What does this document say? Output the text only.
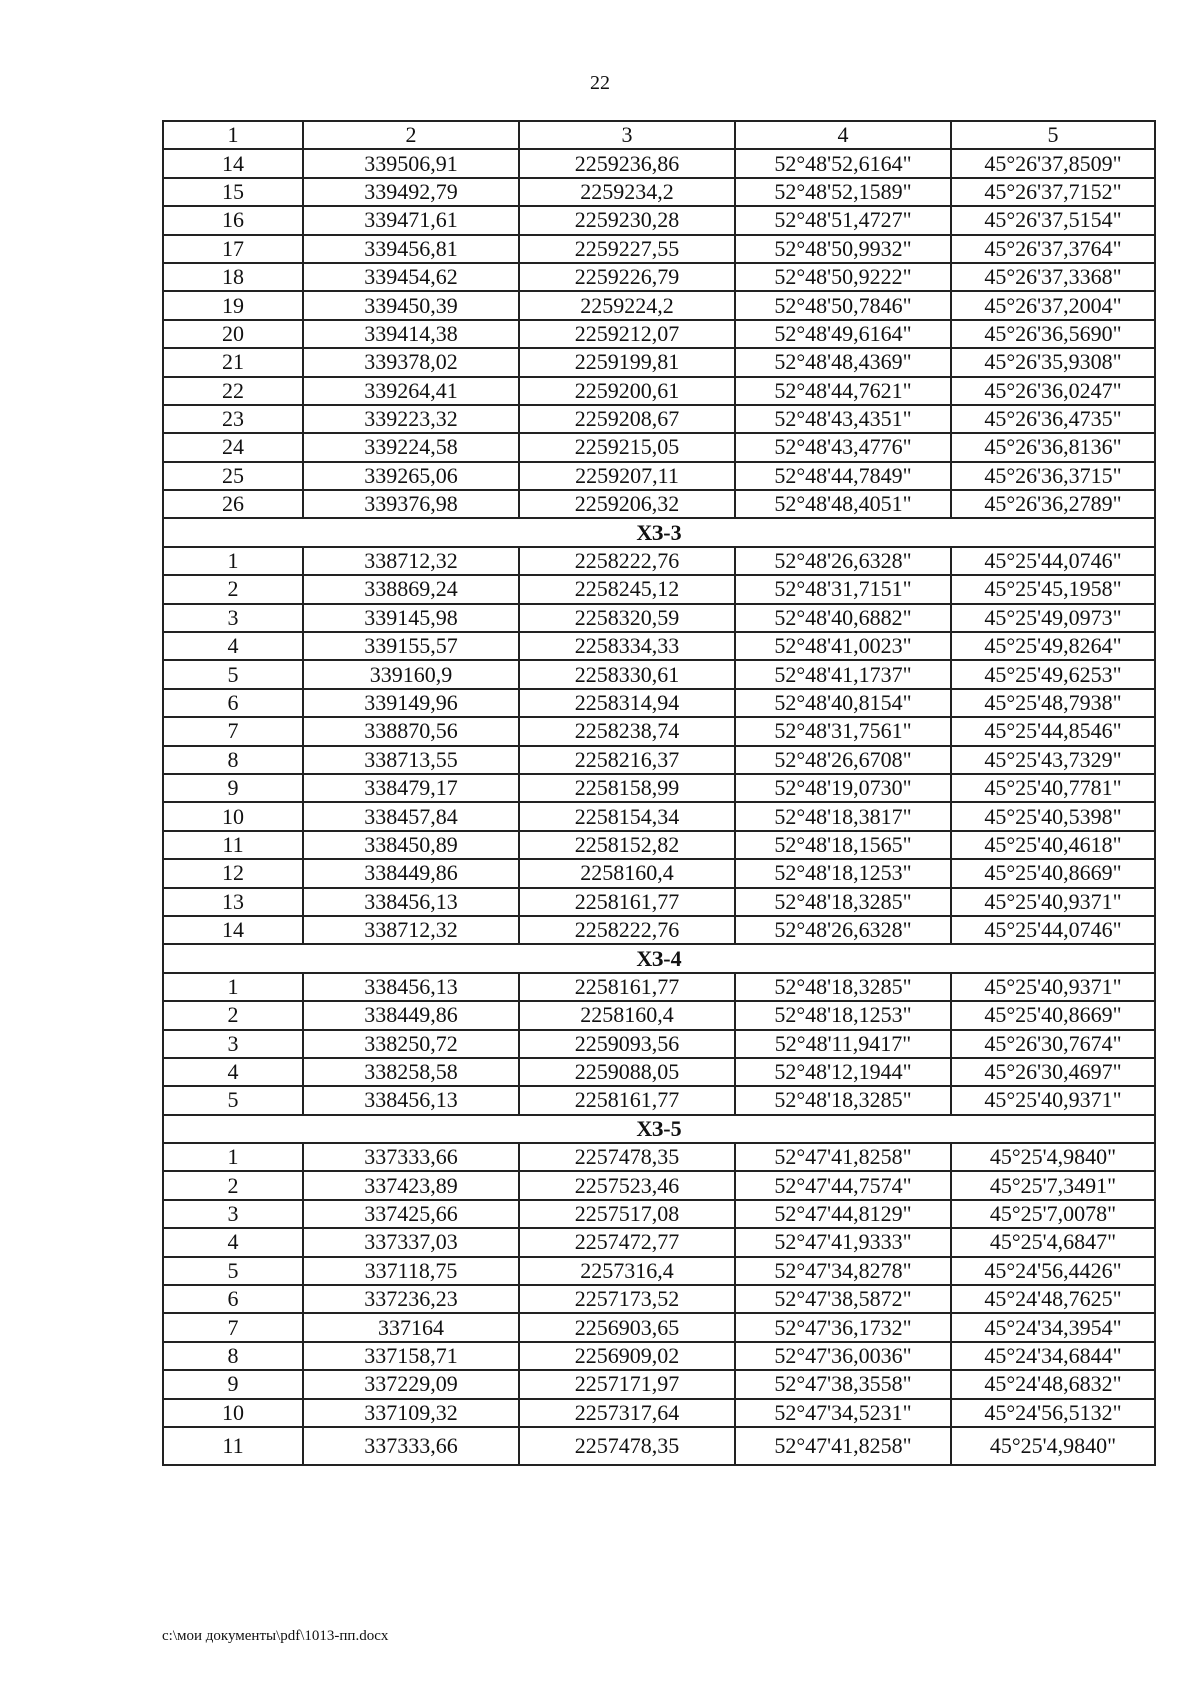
22
1	2	3	4	5
14	339506,91	2259236,86	52°48'52,6164"	45°26'37,8509"
15	339492,79	2259234,2	52°48'52,1589"	45°26'37,7152"
16	339471,61	2259230,28	52°48'51,4727"	45°26'37,5154"
17	339456,81	2259227,55	52°48'50,9932"	45°26'37,3764"
18	339454,62	2259226,79	52°48'50,9222"	45°26'37,3368"
19	339450,39	2259224,2	52°48'50,7846"	45°26'37,2004"
20	339414,38	2259212,07	52°48'49,6164"	45°26'36,5690"
21	339378,02	2259199,81	52°48'48,4369"	45°26'35,9308"
22	339264,41	2259200,61	52°48'44,7621"	45°26'36,0247"
23	339223,32	2259208,67	52°48'43,4351"	45°26'36,4735"
24	339224,58	2259215,05	52°48'43,4776"	45°26'36,8136"
25	339265,06	2259207,11	52°48'44,7849"	45°26'36,3715"
26	339376,98	2259206,32	52°48'48,4051"	45°26'36,2789"
ХЗ-3				
1	338712,32	2258222,76	52°48'26,6328"	45°25'44,0746"
2	338869,24	2258245,12	52°48'31,7151"	45°25'45,1958"
3	339145,98	2258320,59	52°48'40,6882"	45°25'49,0973"
4	339155,57	2258334,33	52°48'41,0023"	45°25'49,8264"
5	339160,9	2258330,61	52°48'41,1737"	45°25'49,6253"
6	339149,96	2258314,94	52°48'40,8154"	45°25'48,7938"
7	338870,56	2258238,74	52°48'31,7561"	45°25'44,8546"
8	338713,55	2258216,37	52°48'26,6708"	45°25'43,7329"
9	338479,17	2258158,99	52°48'19,0730"	45°25'40,7781"
10	338457,84	2258154,34	52°48'18,3817"	45°25'40,5398"
11	338450,89	2258152,82	52°48'18,1565"	45°25'40,4618"
12	338449,86	2258160,4	52°48'18,1253"	45°25'40,8669"
13	338456,13	2258161,77	52°48'18,3285"	45°25'40,9371"
14	338712,32	2258222,76	52°48'26,6328"	45°25'44,0746"
ХЗ-4				
1	338456,13	2258161,77	52°48'18,3285"	45°25'40,9371"
2	338449,86	2258160,4	52°48'18,1253"	45°25'40,8669"
3	338250,72	2259093,56	52°48'11,9417"	45°26'30,7674"
4	338258,58	2259088,05	52°48'12,1944"	45°26'30,4697"
5	338456,13	2258161,77	52°48'18,3285"	45°25'40,9371"
ХЗ-5				
1	337333,66	2257478,35	52°47'41,8258"	45°25'4,9840"
2	337423,89	2257523,46	52°47'44,7574"	45°25'7,3491"
3	337425,66	2257517,08	52°47'44,8129"	45°25'7,0078"
4	337337,03	2257472,77	52°47'41,9333"	45°25'4,6847"
5	337118,75	2257316,4	52°47'34,8278"	45°24'56,4426"
6	337236,23	2257173,52	52°47'38,5872"	45°24'48,7625"
7	337164	2256903,65	52°47'36,1732"	45°24'34,3954"
8	337158,71	2256909,02	52°47'36,0036"	45°24'34,6844"
9	337229,09	2257171,97	52°47'38,3558"	45°24'48,6832"
10	337109,32	2257317,64	52°47'34,5231"	45°24'56,5132"
11	337333,66	2257478,35	52°47'41,8258"	45°25'4,9840"
c:\мои документы\pdf\1013-пп.docx
